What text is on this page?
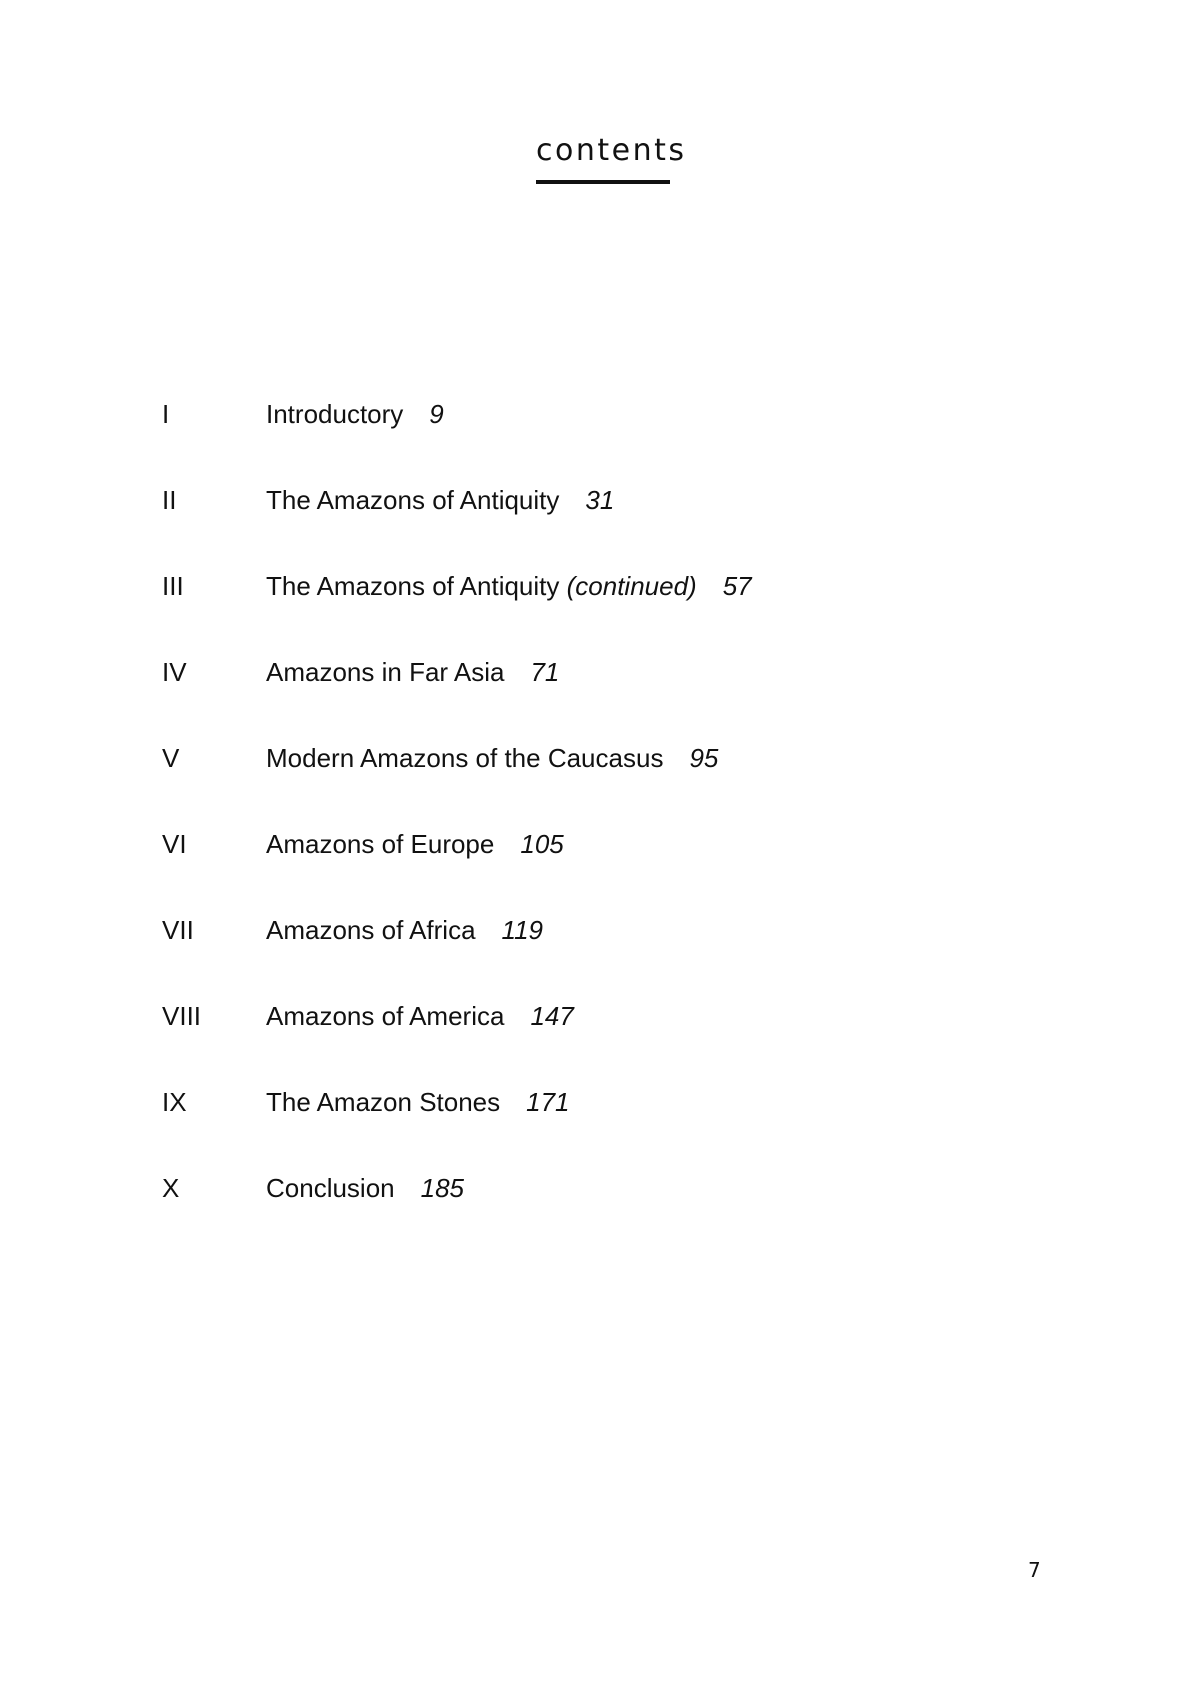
contents
I	Introductory 9
II	The Amazons of Antiquity 31
III	The Amazons of Antiquity (continued) 57
IV	Amazons in Far Asia 71
V	Modern Amazons of the Caucasus 95
VI	Amazons of Europe 105
VII	Amazons of Africa 119
VIII Amazons of America 147
IX	The Amazon Stones 171
X	Conclusion 185
7
